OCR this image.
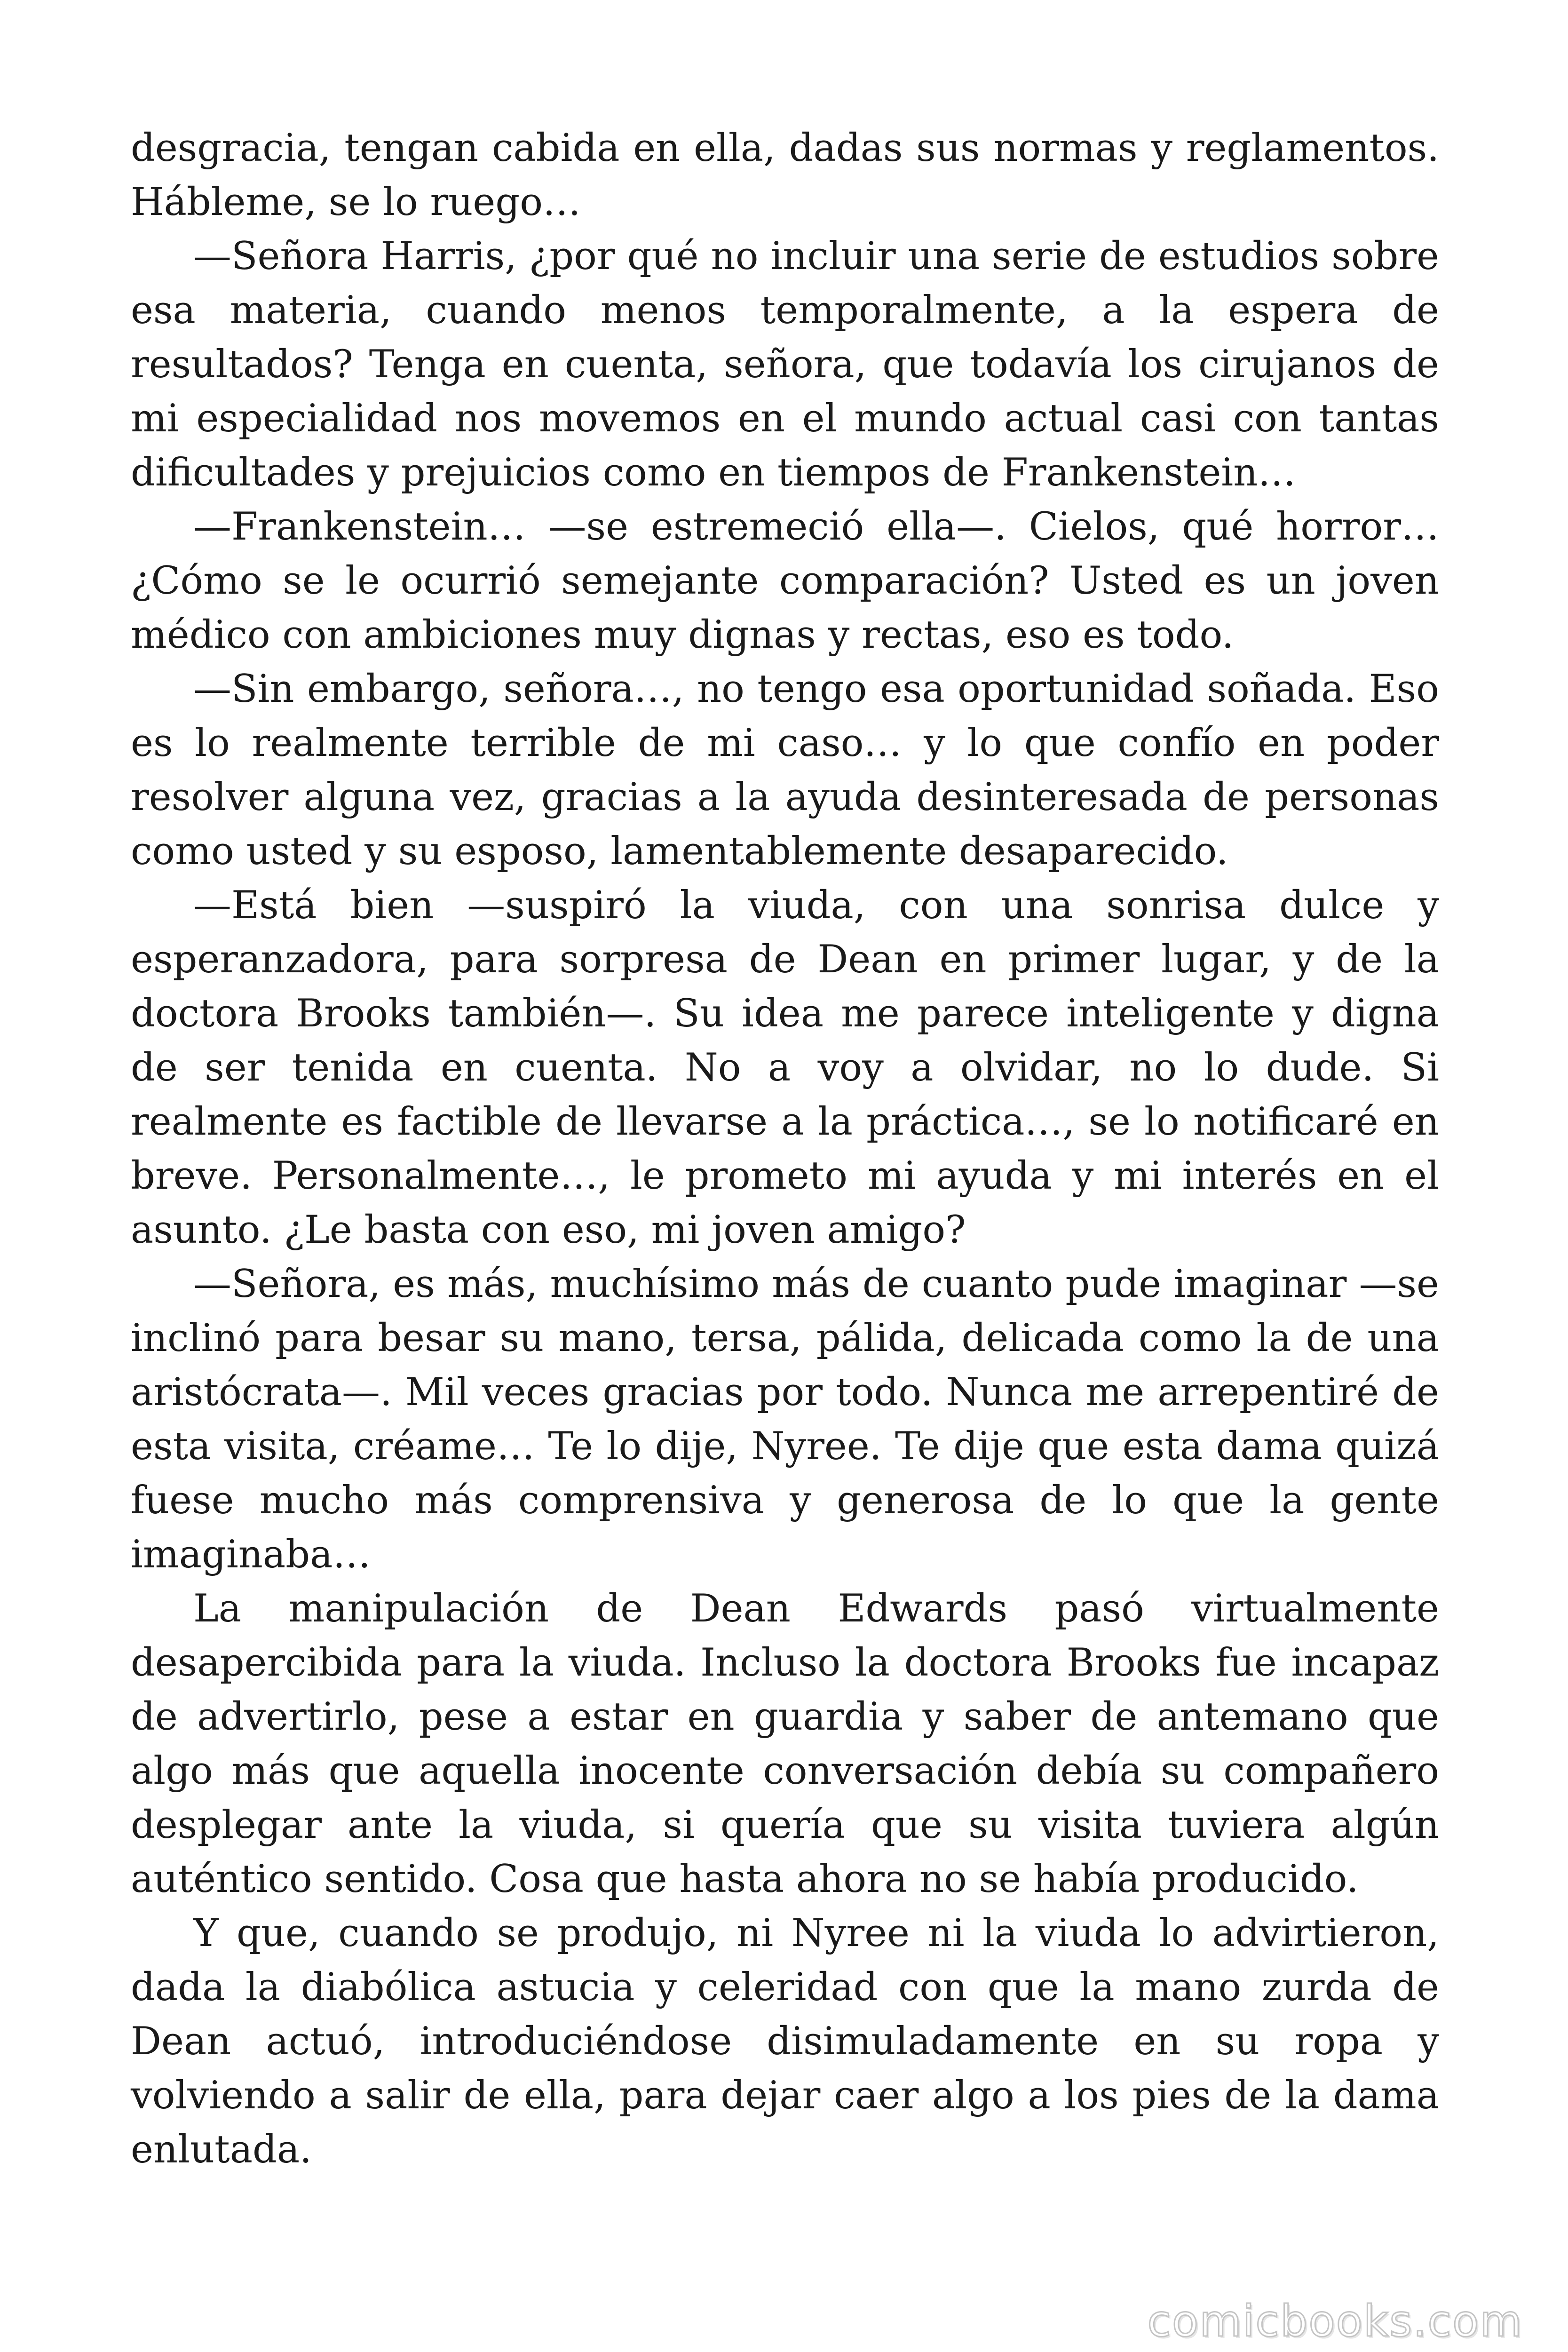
desgracia, tengan cabida en ella, dadas sus normas y reglamentos. Hábleme, se lo ruego…

—Señora Harris, ¿por qué no incluir una serie de estudios sobre esa materia, cuando menos temporalmente, a la espera de resultados? Tenga en cuenta, señora, que todavía los cirujanos de mi especialidad nos movemos en el mundo actual casi con tantas dificultades y prejuicios como en tiempos de Frankenstein…

—Frankenstein… —se estremeció ella—. Cielos, qué horror… ¿Cómo se le ocurrió semejante comparación? Usted es un joven médico con ambiciones muy dignas y rectas, eso es todo.

—Sin embargo, señora…, no tengo esa oportunidad soñada. Eso es lo realmente terrible de mi caso… y lo que confío en poder resolver alguna vez, gracias a la ayuda desinteresada de personas como usted y su esposo, lamentablemente desaparecido.

—Está bien —suspiró la viuda, con una sonrisa dulce y esperanzadora, para sorpresa de Dean en primer lugar, y de la doctora Brooks también—. Su idea me parece inteligente y digna de ser tenida en cuenta. No a voy a olvidar, no lo dude. Si realmente es factible de llevarse a la práctica…, se lo notificaré en breve. Personalmente…, le prometo mi ayuda y mi interés en el asunto. ¿Le basta con eso, mi joven amigo?

—Señora, es más, muchísimo más de cuanto pude imaginar —se inclinó para besar su mano, tersa, pálida, delicada como la de una aristócrata—. Mil veces gracias por todo. Nunca me arrepentiré de esta visita, créame… Te lo dije, Nyree. Te dije que esta dama quizá fuese mucho más comprensiva y generosa de lo que la gente imaginaba…

La manipulación de Dean Edwards pasó virtualmente desapercibida para la viuda. Incluso la doctora Brooks fue incapaz de advertirlo, pese a estar en guardia y saber de antemano que algo más que aquella inocente conversación debía su compañero desplegar ante la viuda, si quería que su visita tuviera algún auténtico sentido. Cosa que hasta ahora no se había producido.

Y que, cuando se produjo, ni Nyree ni la viuda lo advirtieron, dada la diabólica astucia y celeridad con que la mano zurda de Dean actuó, introduciéndose disimuladamente en su ropa y volviendo a salir de ella, para dejar caer algo a los pies de la dama enlutada.

comicbooks.com
